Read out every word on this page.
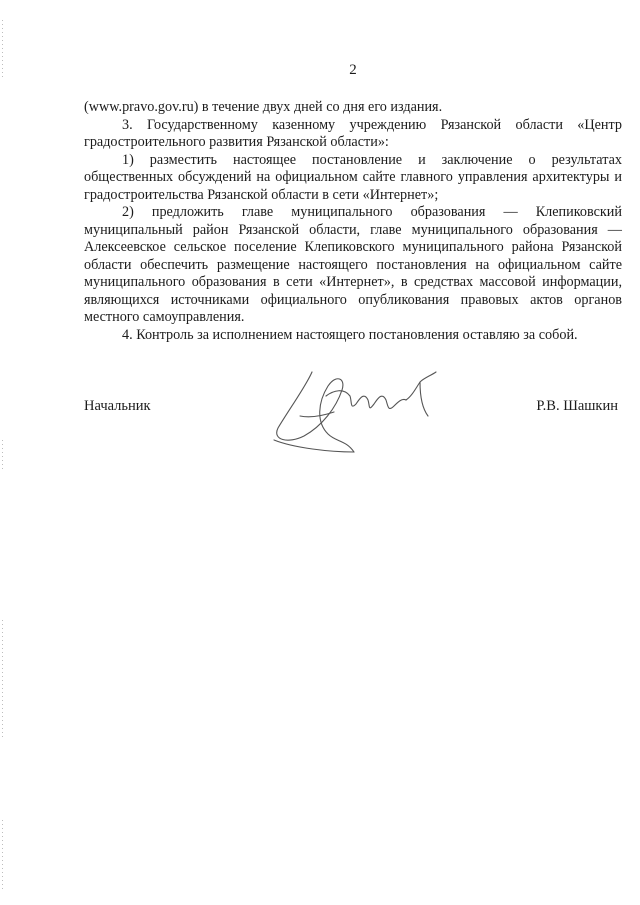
2

(www.pravo.gov.ru) в течение двух дней со дня его издания.

3. Государственному казенному учреждению Рязанской области «Центр градостроительного развития Рязанской области»:

1) разместить настоящее постановление и заключение о результатах общественных обсуждений на официальном сайте главного управления архитектуры и градостроительства Рязанской области в сети «Интернет»;

2) предложить главе муниципального образования — Клепиковский муниципальный район Рязанской области, главе муниципального образования — Алексеевское сельское поселение Клепиковского муниципального района Рязанской области обеспечить размещение настоящего постановления на официальном сайте муниципального образования в сети «Интернет», в средствах массовой информации, являющихся источниками официального опубликования правовых актов органов местного самоуправления.

4. Контроль за исполнением настоящего постановления оставляю за собой.

Начальник	Р.В. Шашкин
